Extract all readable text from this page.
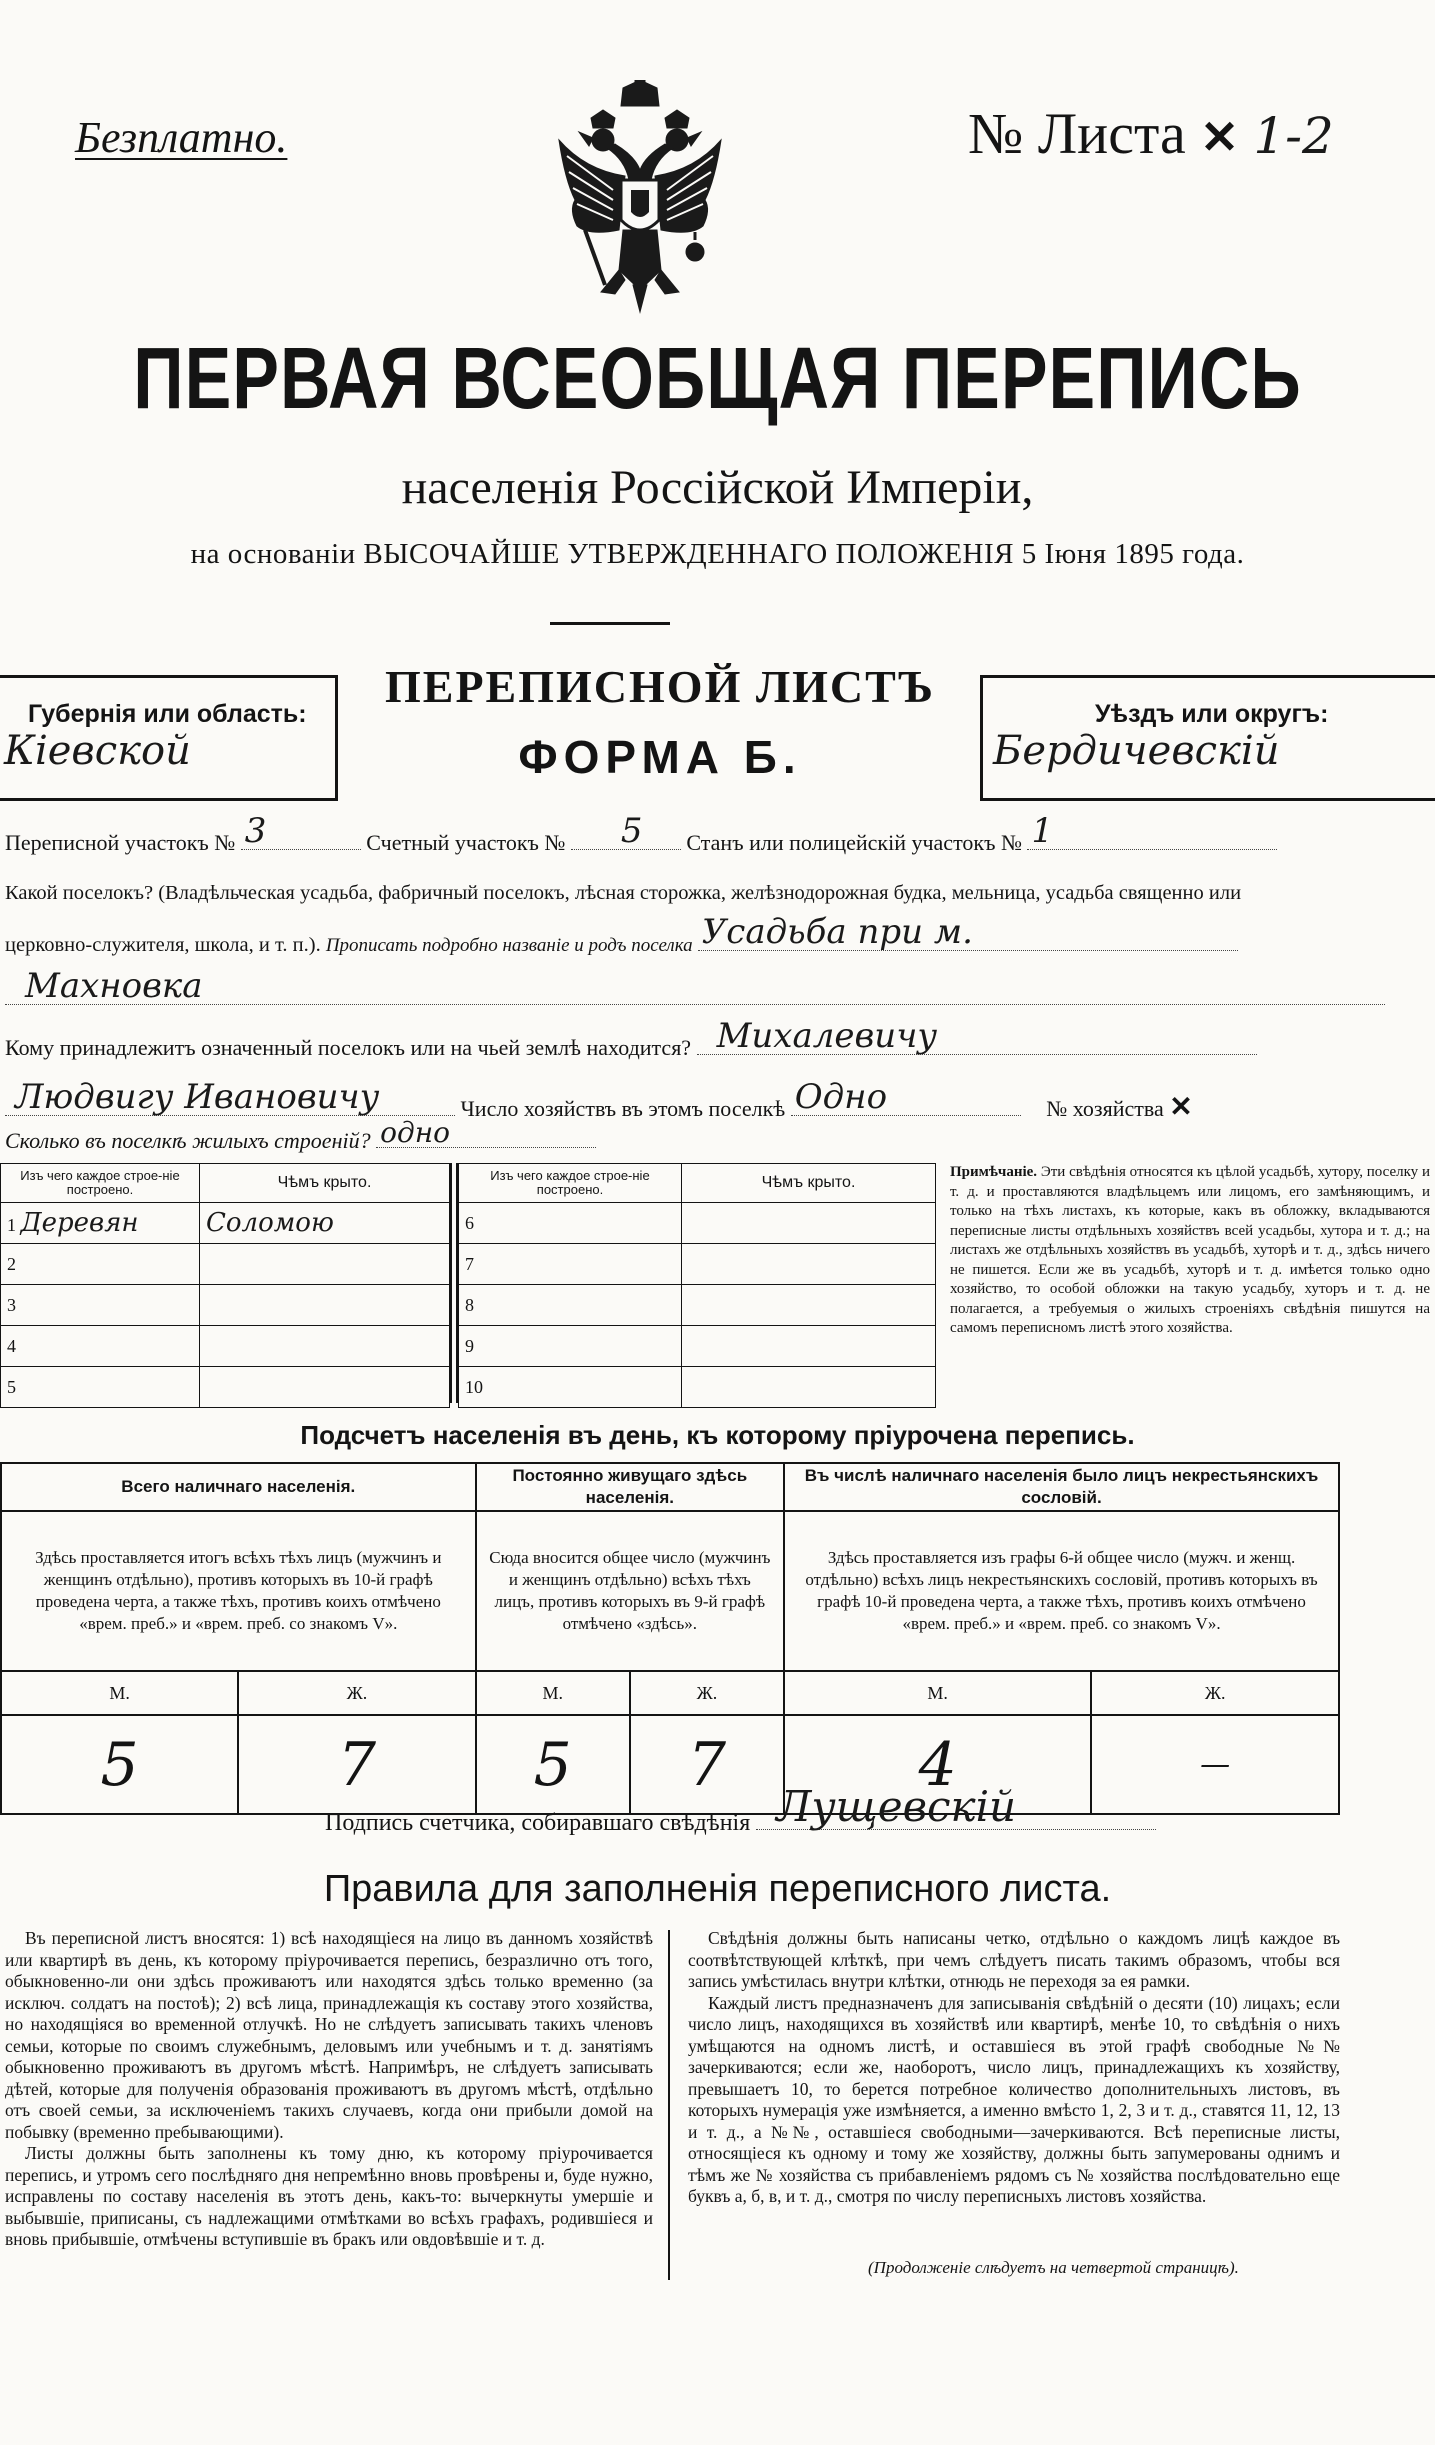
Безплатно.	№ Листа ✕ 1-2
ПЕРВАЯ ВСЕОБЩАЯ ПЕРЕПИСЬ
населенія Россійской Имперіи,
на основаніи ВЫСОЧАЙШЕ УТВЕРЖДЕННАГО ПОЛОЖЕНІЯ 5 Іюня 1895 года.
Губернія или область:
Кіевской
ПЕРЕПИСНОЙ ЛИСТЪ
ФОРМА Б.
Уѣздъ или округъ:
Бердичевскій
Переписной участокъ № 3	Счетный участокъ № 5 Станъ или полицейскій участокъ № 1
Какой поселокъ? (Владѣльческая усадьба, фабричный поселокъ, лѣсная сторожка, желѣзнодорожная будка, мельница, усадьба священно или
церковно-служителя, школа, и т. п.). Прописать подробно названіе и родъ поселка Усадьба при м.
Махновка
Кому принадлежитъ означенный поселокъ или на чьей землѣ находится? Михалевичу
Людвигу Ивановичу	Число хозяйствъ въ этомъ поселкѣ Одно	№ хозяйства ✕
Сколько въ поселкѣ жилыхъ строеній? одно
Изъ чего каждое строе-ніе построено.	Чѣмъ крыто.
1 Деревян	Соломою
2	
3	
4	
5	
Изъ чего каждое строе-ніе построено.	Чѣмъ крыто.
6	
7	
8	
9	
10	
Примѣчаніе. Эти свѣдѣнія относятся къ цѣлой усадьбѣ, хутору, поселку и т. д. и проставляются владѣльцемъ или лицомъ, его замѣняющимъ, и только на тѣхъ листахъ, къ которые, какъ въ обложку, вкладываются переписные листы отдѣльныхъ хозяйствъ всей усадьбы, хутора и т. д.; на листахъ же отдѣльныхъ хозяйствъ въ усадьбѣ, хуторѣ и т. д., здѣсь ничего не пишется. Если же въ усадьбѣ, хуторѣ и т. д. имѣется только одно хозяйство, то особой обложки на такую усадьбу, хуторъ и т. д. не полагается, а требуемыя о жилыхъ строеніяхъ свѣдѣнія пишутся на самомъ переписномъ листѣ этого хозяйства.
Подсчетъ населенія въ день, къ которому пріурочена перепись.
Всего наличнаго населенія.		Постоянно живущаго здѣсь населенія.		Въ числѣ наличнаго населенія было лицъ некрестьянскихъ сословій.	
Здѣсь проставляется итогъ всѣхъ тѣхъ лицъ (мужчинъ и женщинъ отдѣльно), противъ которыхъ въ 10-й графѣ проведена черта, а также тѣхъ, противъ коихъ отмѣчено «врем. преб.» и «врем. преб. со знакомъ V».		Сюда вносится общее число (мужчинъ и женщинъ отдѣльно) всѣхъ тѣхъ лицъ, противъ которыхъ въ 9-й графѣ отмѣчено «здѣсь».		Здѣсь проставляется изъ графы 6-й общее число (мужч. и женщ. отдѣльно) всѣхъ лицъ некрестьянскихъ сословій, противъ которыхъ въ графѣ 10-й проведена черта, а также тѣхъ, противъ коихъ отмѣчено «врем. преб.» и «врем. преб. со знакомъ V».	
М.	Ж.	М.	Ж.	М.	Ж.
5	7	5	7	4	—
Подпись счетчика, собиравшаго свѣдѣнія Лущевскій
Правила для заполненія переписного листа.

Въ переписной листъ вносятся: 1) всѣ находящіеся на лицо въ данномъ хозяйствѣ или квартирѣ въ день, къ которому пріурочивается перепись, безразлично отъ того, обыкновенно-ли они здѣсь проживаютъ или находятся здѣсь только временно (за исключ. солдатъ на постоѣ); 2) всѣ лица, принадлежащія къ составу этого хозяйства, но находящіяся во временной отлучкѣ. Но не слѣдуетъ записывать такихъ членовъ семьи, которые по своимъ служебнымъ, деловымъ или учебнымъ и т. д. занятіямъ обыкновенно проживаютъ въ другомъ мѣстѣ. Напримѣръ, не слѣдуетъ записывать дѣтей, которые для полученія образованія проживаютъ въ другомъ мѣстѣ, отдѣльно отъ своей семьи, за исключеніемъ такихъ случаевъ, когда они прибыли домой на побывку (временно пребывающими).

Листы должны быть заполнены къ тому дню, къ которому пріурочивается перепись, и утромъ сего послѣдняго дня непремѣнно вновь провѣрены и, буде нужно, исправлены по составу населенія въ этотъ день, какъ-то: вычеркнуты умершіе и выбывшіе, приписаны, съ надлежащими отмѣтками во всѣхъ графахъ, родившіеся и вновь прибывшіе, отмѣчены вступившіе въ бракъ или овдовѣвшіе и т. д.

Свѣдѣнія должны быть написаны четко, отдѣльно о каждомъ лицѣ каждое въ соотвѣтствующей клѣткѣ, при чемъ слѣдуетъ писать такимъ образомъ, чтобы вся запись умѣстилась внутри клѣтки, отнюдь не переходя за ея рамки.

Каждый листъ предназначенъ для записыванія свѣдѣній о десяти (10) лицахъ; если число лицъ, находящихся въ хозяйствѣ или квартирѣ, менѣе 10, то свѣдѣнія о нихъ умѣщаются на одномъ листѣ, и оставшіеся въ этой графѣ свободные №№ зачеркиваются; если же, наоборотъ, число лицъ, принадлежащихъ къ хозяйству, превышаетъ 10, то берется потребное количество дополнительныхъ листовъ, въ которыхъ нумерація уже измѣняется, а именно вмѣсто 1, 2, 3 и т. д., ставятся 11, 12, 13 и т. д., а №№, оставшіеся свободными—зачеркиваются. Всѣ переписные листы, относящіеся къ одному и тому же хозяйству, должны быть запумерованы однимъ и тѣмъ же № хозяйства съ прибавленіемъ рядомъ съ № хозяйства послѣдовательно еще буквъ а, б, в, и т. д., смотря по числу переписныхъ листовъ хозяйства.

(Продолженіе слѣдуетъ на четвертой страницѣ).
